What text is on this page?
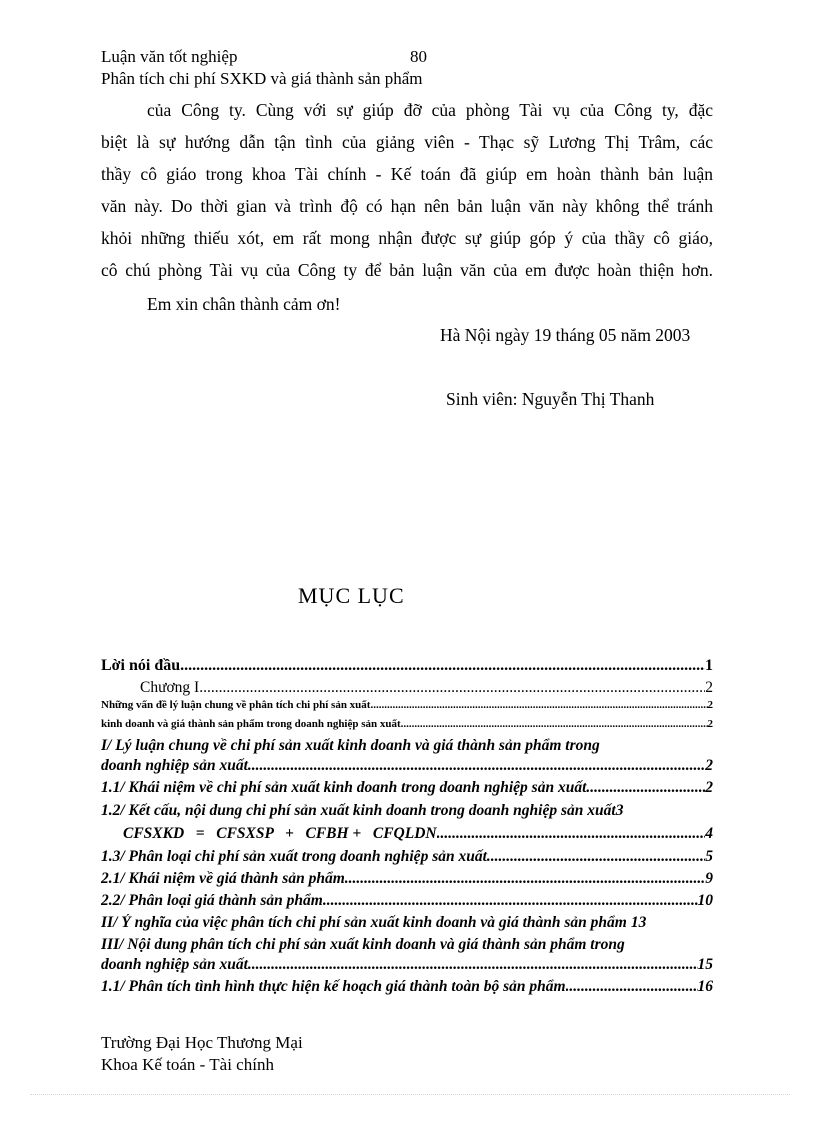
Luận văn tốt nghiệp	80
Phân tích chi phí SXKD và giá thành sản phẩm
của Công ty. Cùng với sự giúp đỡ của phòng Tài vụ của Công ty, đặc
biệt là sự hướng dẫn tận tình của giảng viên - Thạc sỹ Lương Thị Trâm, các
thầy cô giáo trong khoa Tài chính - Kế toán đã giúp em hoàn thành bản luận
văn này. Do thời gian và trình độ có hạn nên bản luận văn này không thể tránh
khỏi những thiếu xót, em rất mong nhận được sự giúp góp ý của thầy cô giáo,
cô chú phòng Tài vụ của Công ty để bản luận văn của em được hoàn thiện hơn.
Em xin chân thành cảm ơn!
Hà Nội ngày 19 tháng 05 năm 2003
Sinh viên: Nguyễn Thị Thanh
MỤC LỤC
Lời nói đầu .....	1
Chương I .....	2
Những vấn đề lý luận chung về phân tích chi phí sản xuất .....	2
kinh doanh và giá thành sản phẩm trong doanh nghiệp sản xuất .....	2
I/ Lý luận chung về chi phí sản xuất kinh doanh và giá thành sản phẩm trong
doanh nghiệp sản xuất .....	2
1.1/ Khái niệm về chi phí sản xuất kinh doanh trong doanh nghiệp sản xuất .....	2
1.2/ Kết cấu, nội dung chi phí sản xuất kinh doanh trong doanh nghiệp sản xuất 3
CFSXKD   =   CFSXSP   +   CFBH +   CFQLDN .....	4
1.3/ Phân loại chi phí sản xuất trong doanh nghiệp sản xuất .....	5
2.1/ Khái niệm về giá thành sản phẩm .....	9
2.2/ Phân loại giá thành sản phẩm .....	10
II/ Ý nghĩa của việc phân tích chi phí sản xuất kinh doanh và giá thành sản phẩm 13
III/ Nội dung phân tích chi phí sản xuất kinh doanh và giá thành sản phẩm trong
doanh nghiệp sản xuất .....	15
1.1/ Phân tích tình hình thực hiện kế hoạch giá thành toàn bộ sản phẩm .....	16
Trường Đại Học Thương Mại
Khoa Kế toán - Tài chính
